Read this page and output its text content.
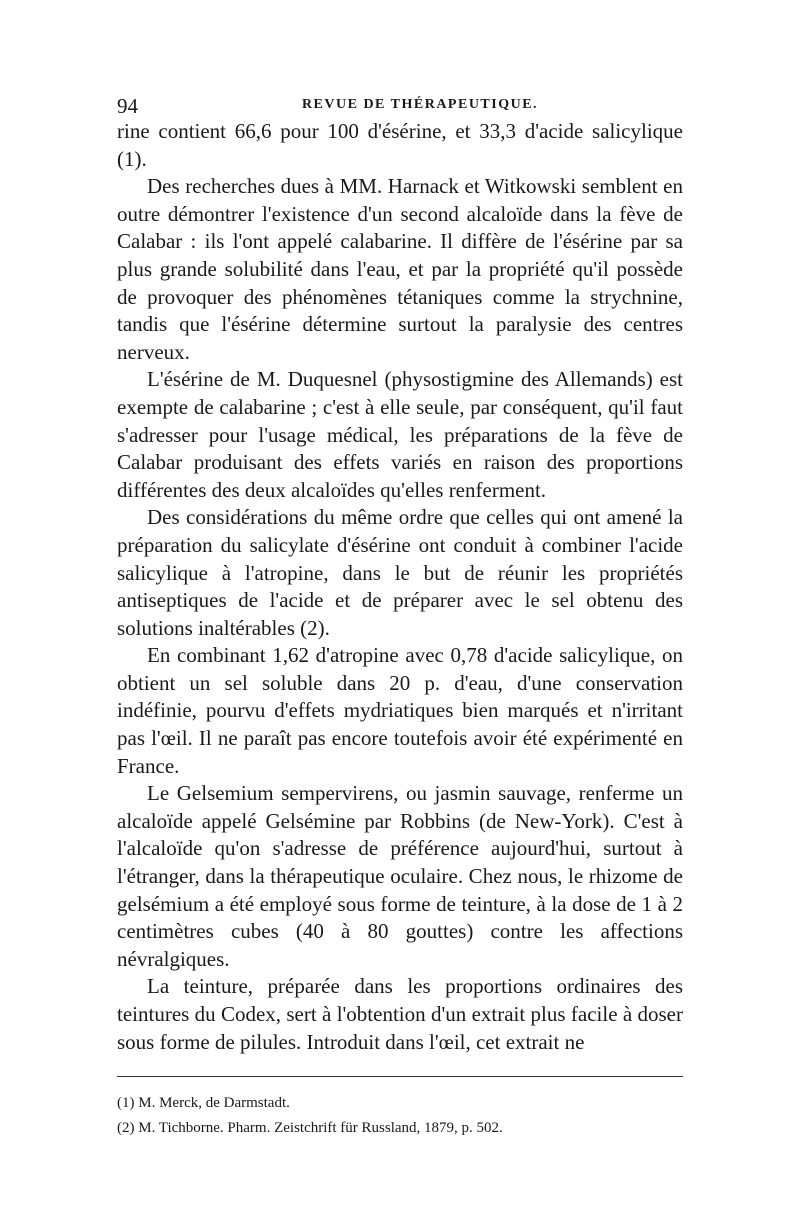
94	REVUE DE THÉRAPEUTIQUE.

rine contient 66,6 pour 100 d'ésérine, et 33,3 d'acide salicylique (1).

Des recherches dues à MM. Harnack et Witkowski semblent en outre démontrer l'existence d'un second alcaloïde dans la fève de Calabar : ils l'ont appelé calabarine. Il diffère de l'ésérine par sa plus grande solubilité dans l'eau, et par la propriété qu'il possède de provoquer des phénomènes tétaniques comme la strychnine, tandis que l'ésérine détermine surtout la paralysie des centres nerveux.

L'ésérine de M. Duquesnel (physostigmine des Allemands) est exempte de calabarine ; c'est à elle seule, par conséquent, qu'il faut s'adresser pour l'usage médical, les préparations de la fève de Calabar produisant des effets variés en raison des proportions différentes des deux alcaloïdes qu'elles renferment.

Des considérations du même ordre que celles qui ont amené la préparation du salicylate d'ésérine ont conduit à combiner l'acide salicylique à l'atropine, dans le but de réunir les propriétés antiseptiques de l'acide et de préparer avec le sel obtenu des solutions inaltérables (2).

En combinant 1,62 d'atropine avec 0,78 d'acide salicylique, on obtient un sel soluble dans 20 p. d'eau, d'une conservation indéfinie, pourvu d'effets mydriatiques bien marqués et n'irritant pas l'œil. Il ne paraît pas encore toutefois avoir été expérimenté en France.

Le Gelsemium sempervirens, ou jasmin sauvage, renferme un alcaloïde appelé Gelsémine par Robbins (de New-York). C'est à l'alcaloïde qu'on s'adresse de préférence aujourd'hui, surtout à l'étranger, dans la thérapeutique oculaire. Chez nous, le rhizome de gelsémium a été employé sous forme de teinture, à la dose de 1 à 2 centimètres cubes (40 à 80 gouttes) contre les affections névralgiques.

La teinture, préparée dans les proportions ordinaires des teintures du Codex, sert à l'obtention d'un extrait plus facile à doser sous forme de pilules. Introduit dans l'œil, cet extrait ne

(1) M. Merck, de Darmstadt.
(2) M. Tichborne. Pharm. Zeistchrift für Russland, 1879, p. 502.
